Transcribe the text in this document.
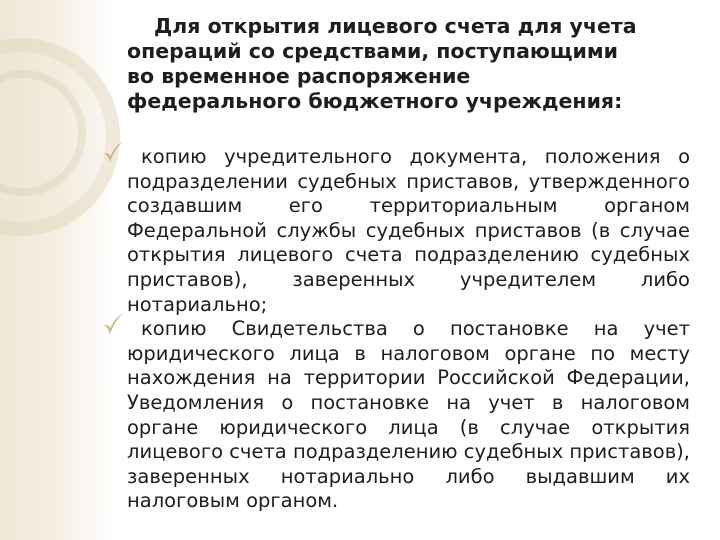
Для открытия лицевого счета для учета операций со средствами, поступающими во временное распоряжение федерального бюджетного учреждения:

копию учредительного документа, положения о подразделении судебных приставов, утвержденного создавшим его территориальным органом Федеральной службы судебных приставов (в случае открытия лицевого счета подразделению судебных приставов), заверенных учредителем либо нотариально;
копию Свидетельства о постановке на учет юридического лица в налоговом органе по месту нахождения на территории Российской Федерации, Уведомления о постановке на учет в налоговом органе юридического лица (в случае открытия лицевого счета подразделению судебных приставов), заверенных нотариально либо выдавшим их налоговым органом.
